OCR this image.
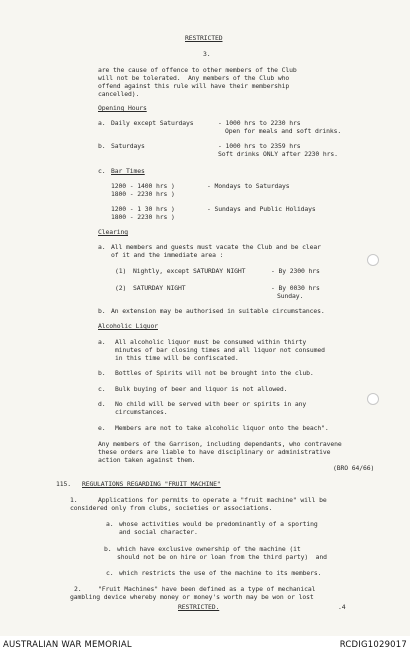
RESTRICTED
3.
are the cause of offence to other members of the Club
will not be tolerated.  Any members of the Club who
offend against this rule will have their membership
cancelled).
Opening Hours
a. Daily except Saturdays	- 1000 hrs to 2230 hrs
Open for meals and soft drinks.
b. Saturdays	- 1000 hrs to 2359 hrs
Soft drinks ONLY after 2230 hrs.
c. Bar Times
1200 - 1400 hrs )
1800 - 2230 hrs )
- Mondays to Saturdays
1200 - 1 30 hrs )
1800 - 2230 hrs )
- Sundays and Public Holidays
Clearing
a. All members and guests must vacate the Club and be clear
of it and the immediate area :
(1) Nightly, except SATURDAY NIGHT	- By 2300 hrs
(2) SATURDAY NIGHT	- By 0030 hrs
Sunday.
b. An extension may be authorised in suitable circumstances.
Alcoholic Liquor
a. All alcoholic liquor must be consumed within thirty
minutes of bar closing times and all liquor not consumed
in this time will be confiscated.
b. Bottles of Spirits will not be brought into the club.
c. Bulk buying of beer and liquor is not allowed.
d. No child will be served with beer or spirits in any
circumstances.
e. Members are not to take alcoholic liquor onto the beach".
Any members of the Garrison, including dependants, who contravene
these orders are liable to have disciplinary or administrative
action taken against them.
(BRO 64/66)
115. REGULATIONS REGARDING "FRUIT MACHINE"
1.	Applications for permits to operate a "fruit machine" will be
considered only from clubs, societies or associations.
a. whose activities would be predominantly of a sporting
and social character.
b. which have exclusive ownership of the machine (it
should not be on hire or loan from the third party)  and
c. which restricts the use of the machine to its members.
2.	"Fruit Machines" have been defined as a type of mechanical
gambling device whereby money or money's worth may be won or lost
RESTRICTED.	.4
AUSTRALIAN WAR MEMORIAL	RCDIG1029017
